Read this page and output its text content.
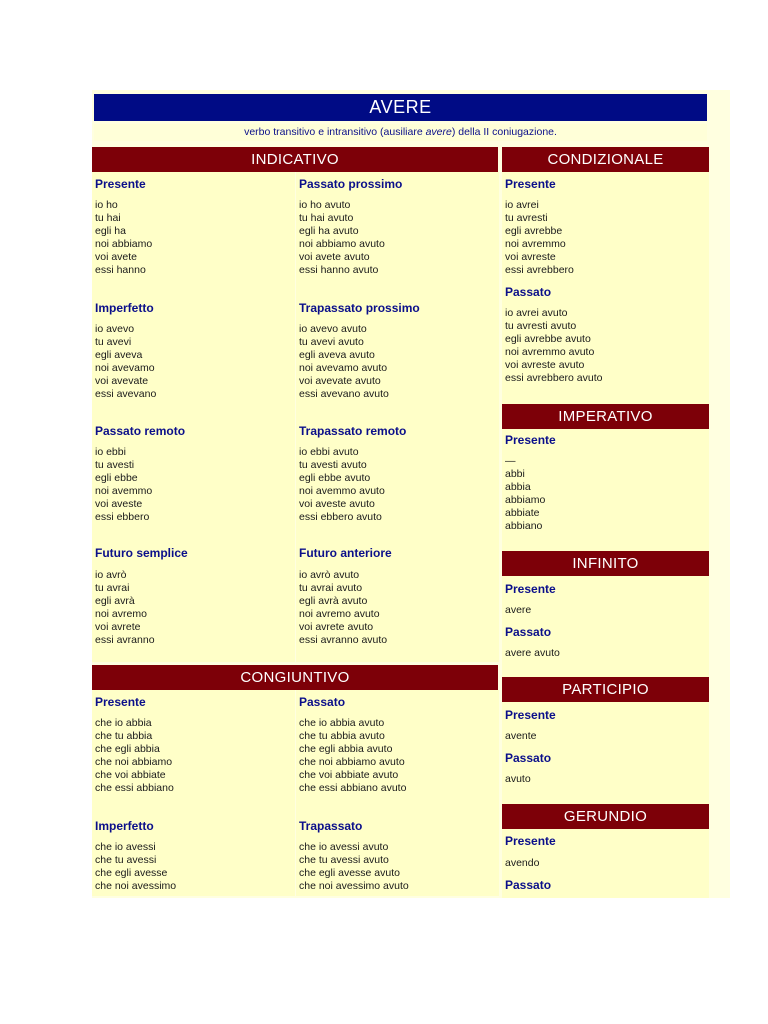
AVERE
verbo transitivo e intransitivo (ausiliare avere) della II coniugazione.
INDICATIVO
Presente
io ho
tu hai
egli ha
noi abbiamo
voi avete
essi hanno
Passato prossimo
io ho avuto
tu hai avuto
egli ha avuto
noi abbiamo avuto
voi avete avuto
essi hanno avuto
Imperfetto
io avevo
tu avevi
egli aveva
noi avevamo
voi avevate
essi avevano
Trapassato prossimo
io avevo avuto
tu avevi avuto
egli aveva avuto
noi avevamo avuto
voi avevate avuto
essi avevano avuto
Passato remoto
io ebbi
tu avesti
egli ebbe
noi avemmo
voi aveste
essi ebbero
Trapassato remoto
io ebbi avuto
tu avesti avuto
egli ebbe avuto
noi avemmo avuto
voi aveste avuto
essi ebbero avuto
Futuro semplice
io avrò
tu avrai
egli avrà
noi avremo
voi avrete
essi avranno
Futuro anteriore
io avrò avuto
tu avrai avuto
egli avrà avuto
noi avremo avuto
voi avrete avuto
essi avranno avuto
CONGIUNTIVO
Presente
che io abbia
che tu abbia
che egli abbia
che noi abbiamo
che voi abbiate
che essi abbiano
Passato
che io abbia avuto
che tu abbia avuto
che egli abbia avuto
che noi abbiamo avuto
che voi abbiate avuto
che essi abbiano avuto
Imperfetto
che io avessi
che tu avessi
che egli avesse
che noi avessimo
Trapassato
che io avessi avuto
che tu avessi avuto
che egli avesse avuto
che noi avessimo avuto
CONDIZIONALE
Presente
io avrei
tu avresti
egli avrebbe
noi avremmo
voi avreste
essi avrebbero
Passato
io avrei avuto
tu avresti avuto
egli avrebbe avuto
noi avremmo avuto
voi avreste avuto
essi avrebbero avuto
IMPERATIVO
Presente
—
abbi
abbia
abbiamo
abbiate
abbiano
INFINITO
Presente
avere
Passato
avere avuto
PARTICIPIO
Presente
avente
Passato
avuto
GERUNDIO
Presente
avendo
Passato
